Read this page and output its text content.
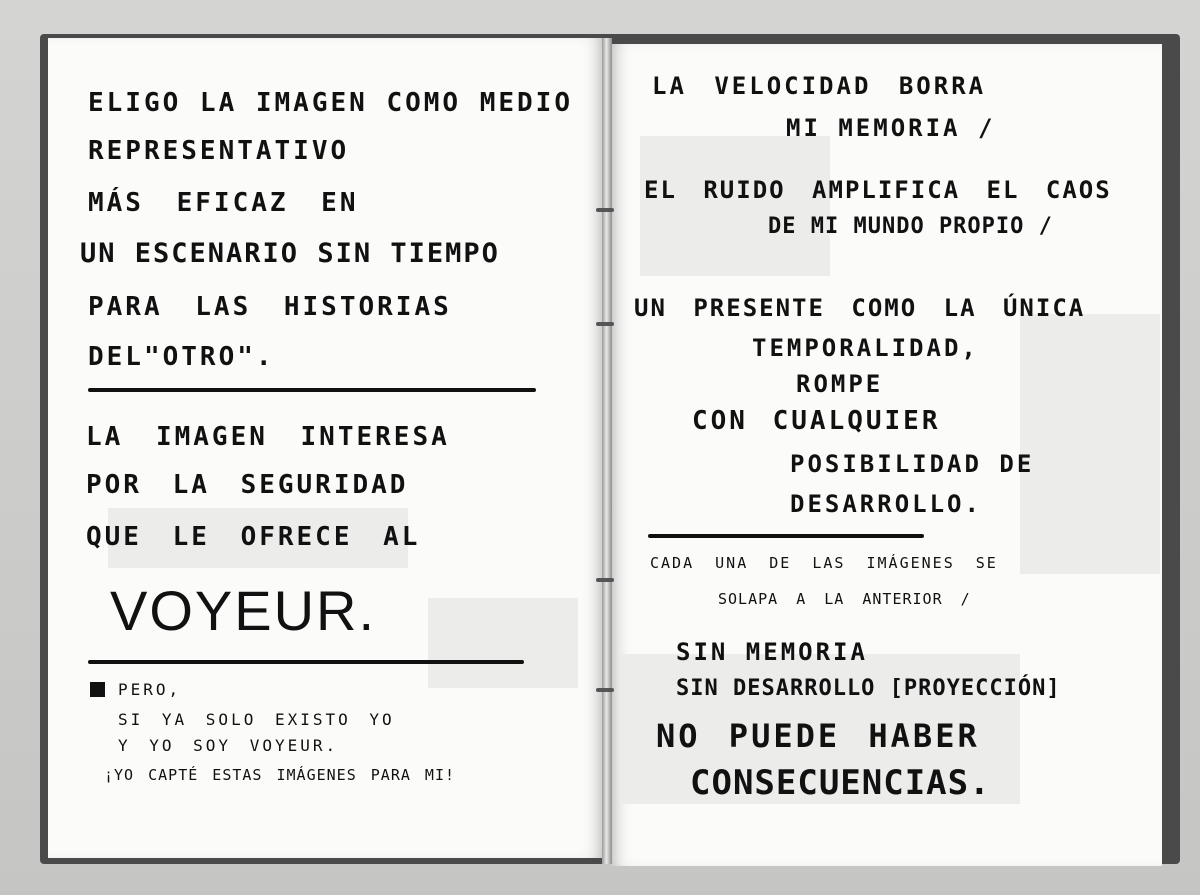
ELIGO LA IMAGEN COMO MEDIO
REPRESENTATIVO
MÁS EFICAZ EN
UN ESCENARIO SIN TIEMPO
PARA LAS HISTORIAS
DEL"OTRO".
LA IMAGEN INTERESA
POR LA SEGURIDAD
QUE LE OFRECE AL
VOYEUR.
PERO,
SI YA SOLO EXISTO YO
Y YO SOY VOYEUR.
¡YO CAPTÉ ESTAS IMÁGENES PARA MI!
LA VELOCIDAD BORRA
MI MEMORIA /
EL RUIDO AMPLIFICA EL CAOS
DE MI MUNDO PROPIO /
UN PRESENTE COMO LA ÚNICA
TEMPORALIDAD,
ROMPE
CON CUALQUIER
POSIBILIDAD DE
DESARROLLO.
CADA UNA DE LAS IMÁGENES SE
SOLAPA A LA ANTERIOR /
SIN MEMORIA
SIN DESARROLLO [PROYECCIÓN]
NO PUEDE HABER
CONSECUENCIAS.
